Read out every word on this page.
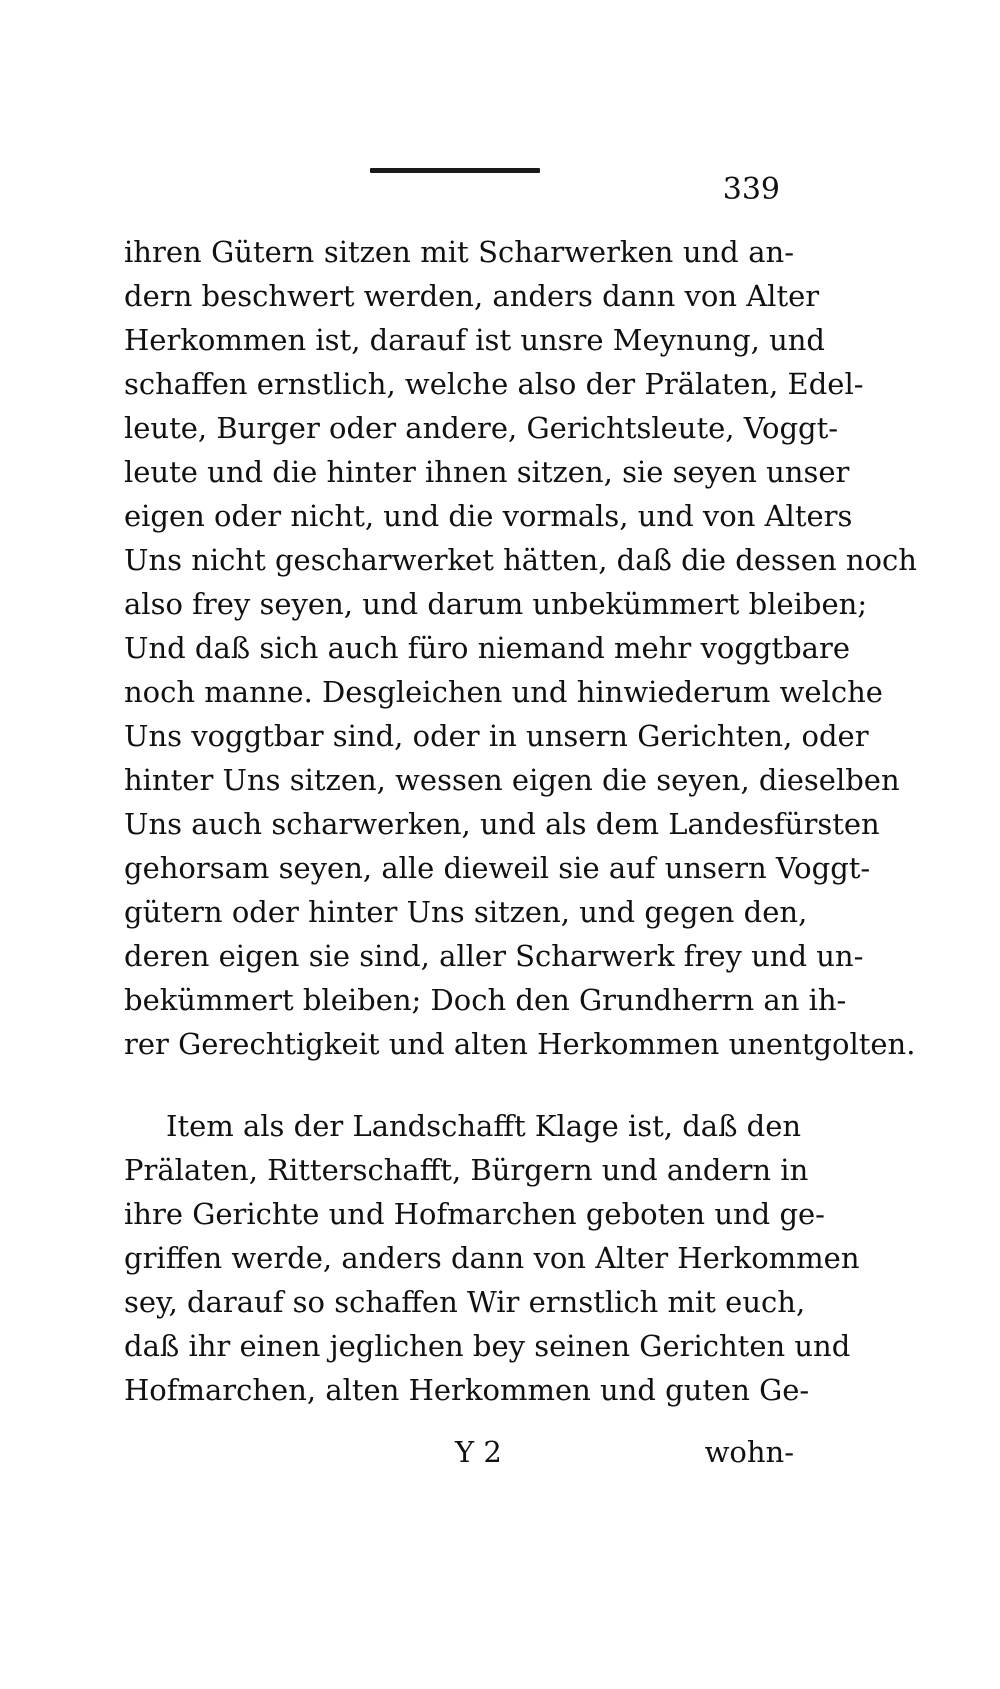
339
ihren Gütern sitzen mit Scharwerken und an-
dern beschwert werden, anders dann von Alter
Herkommen ist, darauf ist unsre Meynung, und
schaffen ernstlich, welche also der Prälaten, Edel-
leute, Burger oder andere, Gerichtsleute, Voggt-
leute und die hinter ihnen sitzen, sie seyen unser
eigen oder nicht, und die vormals, und von Alters
Uns nicht gescharwerket hätten, daß die dessen noch
also frey seyen, und darum unbekümmert bleiben;
Und daß sich auch füro niemand mehr voggtbare
noch manne. Desgleichen und hinwiederum welche
Uns voggtbar sind, oder in unsern Gerichten, oder
hinter Uns sitzen, wessen eigen die seyen, dieselben
Uns auch scharwerken, und als dem Landesfürsten
gehorsam seyen, alle dieweil sie auf unsern Voggt-
gütern oder hinter Uns sitzen, und gegen den,
deren eigen sie sind, aller Scharwerk frey und un-
bekümmert bleiben; Doch den Grundherrn an ih-
rer Gerechtigkeit und alten Herkommen unentgolten.
Item als der Landschafft Klage ist, daß den
Prälaten, Ritterschafft, Bürgern und andern in
ihre Gerichte und Hofmarchen geboten und ge-
griffen werde, anders dann von Alter Herkommen
sey, darauf so schaffen Wir ernstlich mit euch,
daß ihr einen jeglichen bey seinen Gerichten und
Hofmarchen, alten Herkommen und guten Ge-
Y 2	wohn-
